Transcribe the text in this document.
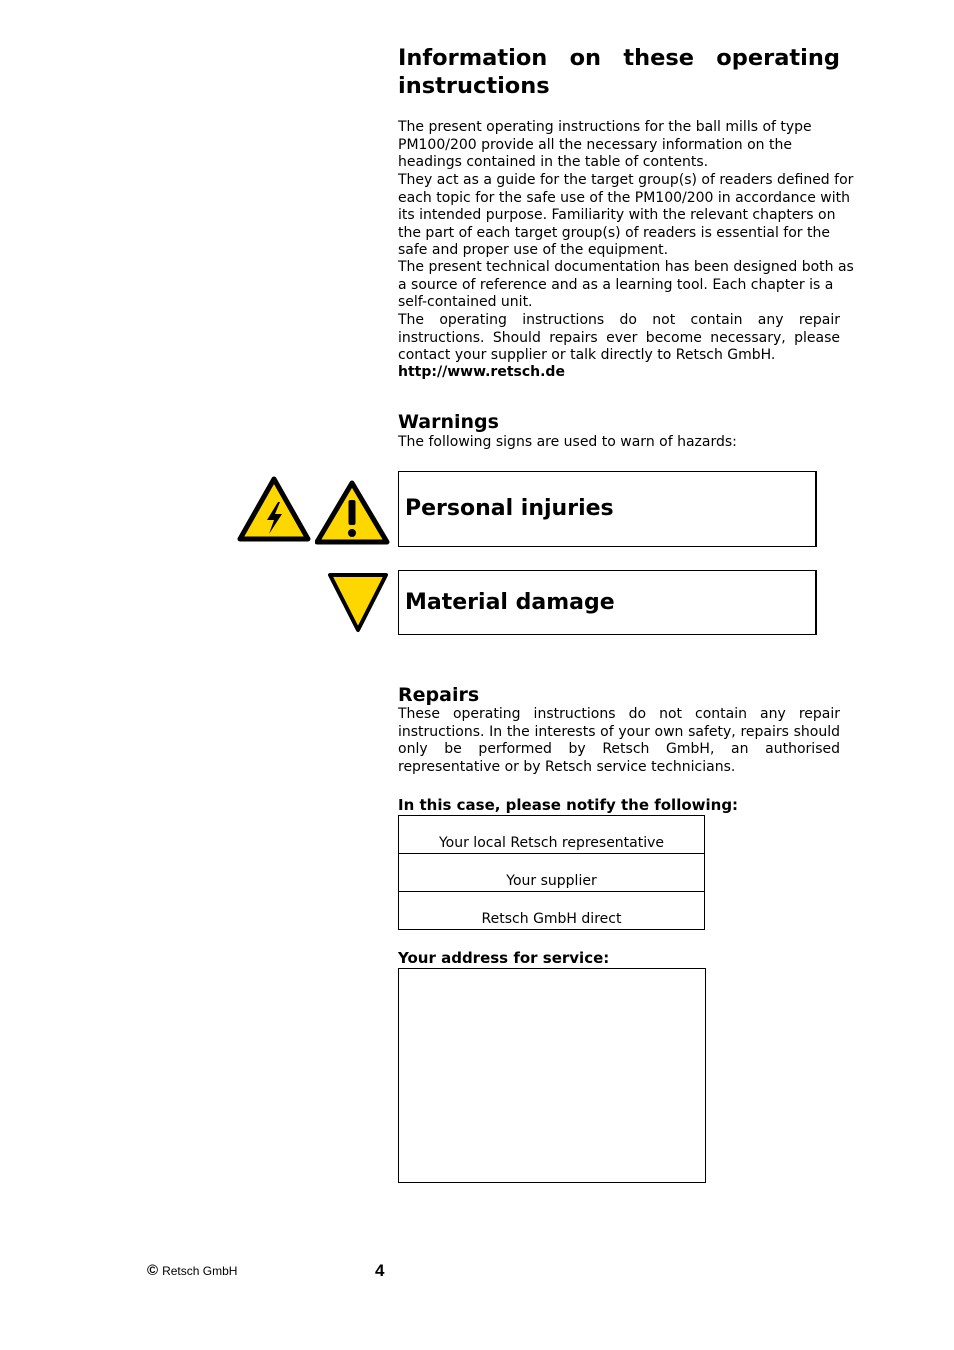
Information on these operating instructions

The present operating instructions for the ball mills of type PM100/200 provide all the necessary information on the headings contained in the table of contents.

They act as a guide for the target group(s) of readers defined for each topic for the safe use of the PM100/200 in accordance with its intended purpose. Familiarity with the relevant chapters on the part of each target group(s) of readers is essential for the safe and proper use of the equipment.

The present technical documentation has been designed both as a source of reference and as a learning tool. Each chapter is a self-contained unit.

The operating instructions do not contain any repair instructions. Should repairs ever become necessary, please contact your supplier or talk directly to Retsch GmbH.

http://www.retsch.de
Warnings

The following signs are used to warn of hazards:

Personal injuries
Material damage
Repairs

These operating instructions do not contain any repair instructions. In the interests of your own safety, repairs should only be performed by Retsch GmbH, an authorised representative or by Retsch service technicians.

In this case, please notify the following:

Your local Retsch representative

Your supplier

Retsch GmbH direct

Your address for service:

© Retsch GmbH	4
